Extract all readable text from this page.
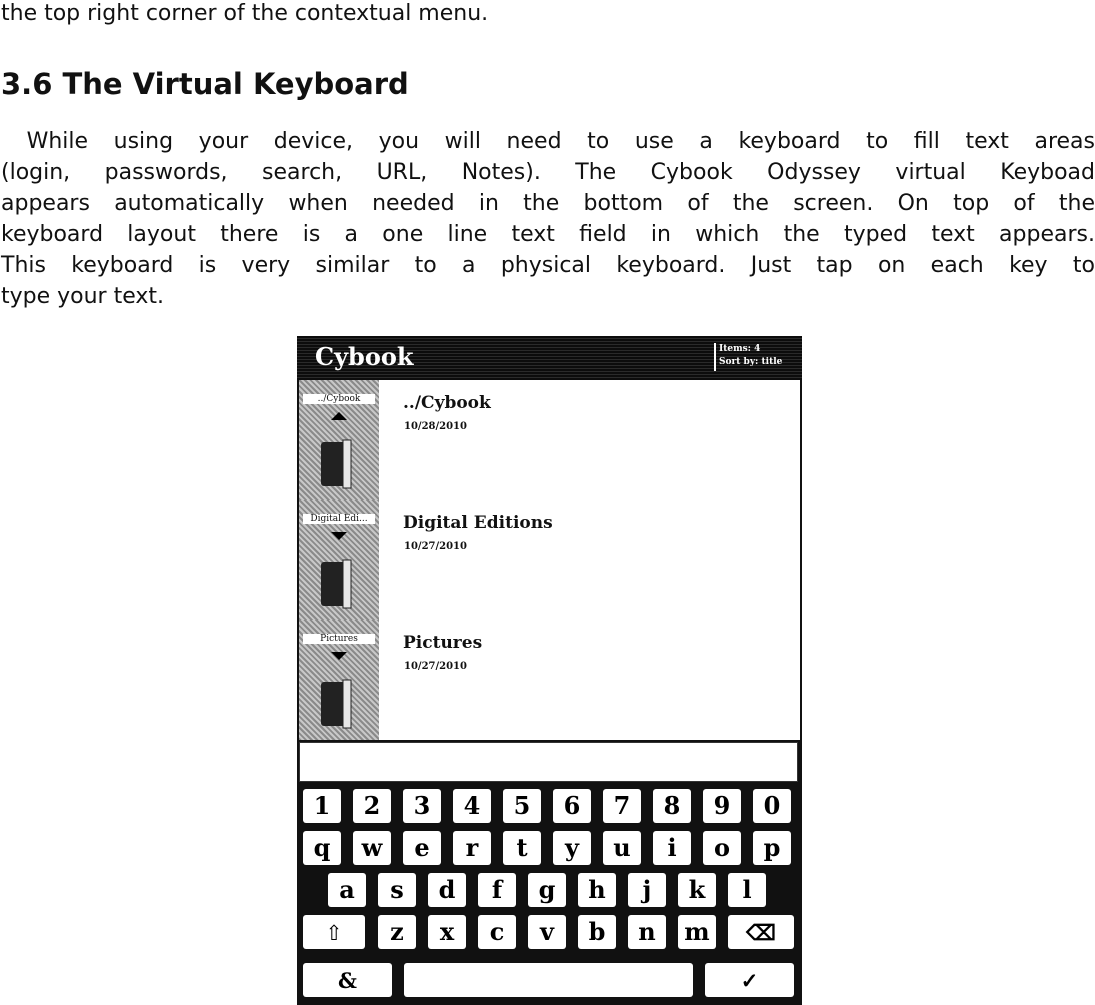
the top right corner of the contextual menu.

3.6 The Virtual Keyboard

While using your device, you will need to use a keyboard to fill text areas
(login, passwords, search, URL, Notes). The Cybook Odyssey virtual Keyboad
appears automatically when needed in the bottom of the screen. On top of the
keyboard layout there is a one line text field in which the typed text appears.
This keyboard is very similar to a physical keyboard. Just tap on each key to
type your text.

Cybook	Items: 4
Sort by: title
../Cybook	../Cybook
10/28/2010
Digital Edi...	Digital Editions
10/27/2010
Pictures	Pictures
10/27/2010
1	2	3	4	5	6	7	8	9	0
q	w	e	r	t	y	u	i	o	p
a	s	d	f	g	h	j	k	l
⇧	z	x	c	v	b	n	m	⌫
&	✓
